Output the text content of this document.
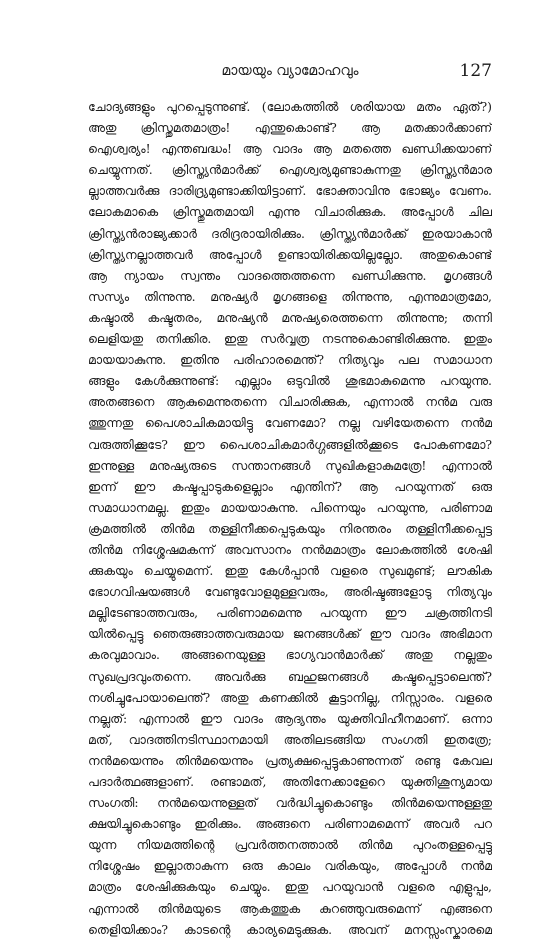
മായയും വ്യാമോഹവും	127
ചോദ്യങ്ങളും പുറപ്പെടുന്നുണ്ട്. (ലോകത്തിൽ ശരിയായ മതം ഏത്?)
അതു ക്രിസ്തുമതമാത്രം! എന്തുകൊണ്ട്? ആ മതക്കാർക്കാണ്
ഐശ്വര്യം! എന്തബദ്ധം! ആ വാദം ആ മതത്തെ ഖണ്ഡിക്കയാണ്
ചെയ്യുന്നത്. ക്രിസ്ത്യൻമാർക്ക് ഐശ്വര്യമുണ്ടാകുന്നതു ക്രിസ്ത്യൻമാര
ല്ലാത്തവർക്കു ദാരിദ്ര്യമുണ്ടാക്കിയിട്ടാണ്. ഭോക്താവിനു ഭോജ്യം വേണം.
ലോകമാകെ ക്രിസ്തുമതമായി എന്നു വിചാരിക്കുക. അപ്പോൾ ചില
ക്രിസ്ത്യൻരാജ്യക്കാർ ദരിദ്രരായിരിക്കും. ക്രിസ്ത്യൻമാർക്ക് ഇരയാകാൻ
ക്രിസ്ത്യനല്ലാത്തവർ അപ്പോൾ ഉണ്ടായിരിക്കയില്ലല്ലോ. അതുകൊണ്ട്
ആ ന്യായം സ്വന്തം വാദത്തെത്തന്നെ ഖണ്ഡിക്കുന്നു. മൃഗങ്ങൾ
സസ്യം തിന്നുന്നു. മനുഷ്യർ മൃഗങ്ങളെ തിന്നുന്നു, എന്നുമാത്രമോ,
കഷ്ടാൽ കഷ്ടതരം, മനുഷ്യൻ മനുഷ്യരെത്തന്നെ തിന്നുന്നു; തന്നി
ലെളിയതു തനിക്കിര. ഇതു സർവ്വത്ര നടന്നുകൊണ്ടിരിക്കുന്നു. ഇതും
മായയാകുന്നു. ഇതിനു പരിഹാരമെന്ത്? നിത്യവും പല സമാധാന
ങ്ങളും കേൾക്കുന്നുണ്ട്: എല്ലാം ഒടുവിൽ ശുഭമാകുമെന്നു പറയുന്നു.
അതങ്ങനെ ആകുമെന്നുതന്നെ വിചാരിക്കുക, എന്നാൽ നൻമ വരു
ത്തുന്നതു പൈശാചികമായിട്ടു വേണമോ? നല്ല വഴിയേതന്നെ നൻമ
വരുത്തിക്കൂടേ? ഈ പൈശാചികമാർഗ്ഗങ്ങളിൽക്കൂടെ പോകണമോ?
ഇന്നുള്ള മനുഷ്യരുടെ സന്താനങ്ങൾ സുഖികളാകുമത്രേ! എന്നാൽ
ഇന്ന് ഈ കഷ്ടപ്പാടുകളെല്ലാം എന്തിന്? ആ പറയുന്നത് ഒരു
സമാധാനമല്ല. ഇതും മായയാകുന്നു. പിന്നെയും പറയുന്നു, പരിണാമ
ക്രമത്തിൽ തിൻമ തള്ളിനീക്കപ്പെടുകയും നിരന്തരം തള്ളിനീക്കപ്പെട്ട
തിൻമ നിശ്ശേഷമകന്ന് അവസാനം നൻമമാത്രം ലോകത്തിൽ ശേഷി
ക്കുകയും ചെയ്യുമെന്ന്. ഇതു കേൾപ്പാൻ വളരെ സുഖമുണ്ട്; ലൗകിക
ഭോഗവിഷയങ്ങൾ വേണ്ടുവോളമുള്ളവരും, അരിഷ്ടങ്ങളോടു നിത്യവും
മല്ലിടേണ്ടാത്തവരും, പരിണാമമെന്നു പറയുന്ന ഈ ചക്രത്തിനടി
യിൽപ്പെട്ടു ഞെരുങ്ങാത്തവരുമായ ജനങ്ങൾക്ക് ഈ വാദം അഭിമാന
കരവുമാവാം. അങ്ങനെയുള്ള ഭാഗ്യവാൻമാർക്ക് അതു നല്ലതും
സുഖപ്രദവുംതന്നെ. അവർക്കു ബഹുജനങ്ങൾ കഷ്ടപ്പെട്ടാലെന്ത്?
നശിച്ചുപോയാലെന്ത്? അതു കണക്കിൽ കൂട്ടാനില്ല, നിസ്സാരം. വളരെ
നല്ലത്: എന്നാൽ ഈ വാദം ആദ്യന്തം യുക്തിവിഹീനമാണ്. ഒന്നാ
മത്, വാദത്തിനടിസ്ഥാനമായി അതിലടങ്ങിയ സംഗതി ഇതത്രേ;
നൻമയെന്നും തിൻമയെന്നും പ്രത്യക്ഷപ്പെട്ടുകാണുന്നത് രണ്ടു കേവല
പദാർത്ഥങ്ങളാണ്. രണ്ടാമത്, അതിനേക്കാളേറെ യുക്തിശൂന്യമായ
സംഗതി: നൻമയെന്നുള്ളത് വർദ്ധിച്ചുകൊണ്ടും തിൻമയെന്നുള്ളതു
ക്ഷയിച്ചുകൊണ്ടും ഇരിക്കും. അങ്ങനെ പരിണാമമെന്ന് അവർ പറ
യുന്ന നിയമത്തിന്റെ പ്രവർത്തനത്താൽ തിൻമ പുറംതള്ളപ്പെട്ടു
നിശ്ശേഷം ഇല്ലാതാകുന്ന ഒരു കാലം വരികയും, അപ്പോൾ നൻമ
മാത്രം ശേഷിക്കുകയും ചെയ്യും. ഇതു പറയുവാൻ വളരെ എളുപ്പം,
എന്നാൽ തിൻമയുടെ ആകത്തുക കുറഞ്ഞുവരുമെന്ന് എങ്ങനെ
തെളിയിക്കാം? കാടന്റെ കാര്യമെടുക്കുക. അവന് മനസ്സംസ്കാരമെ
